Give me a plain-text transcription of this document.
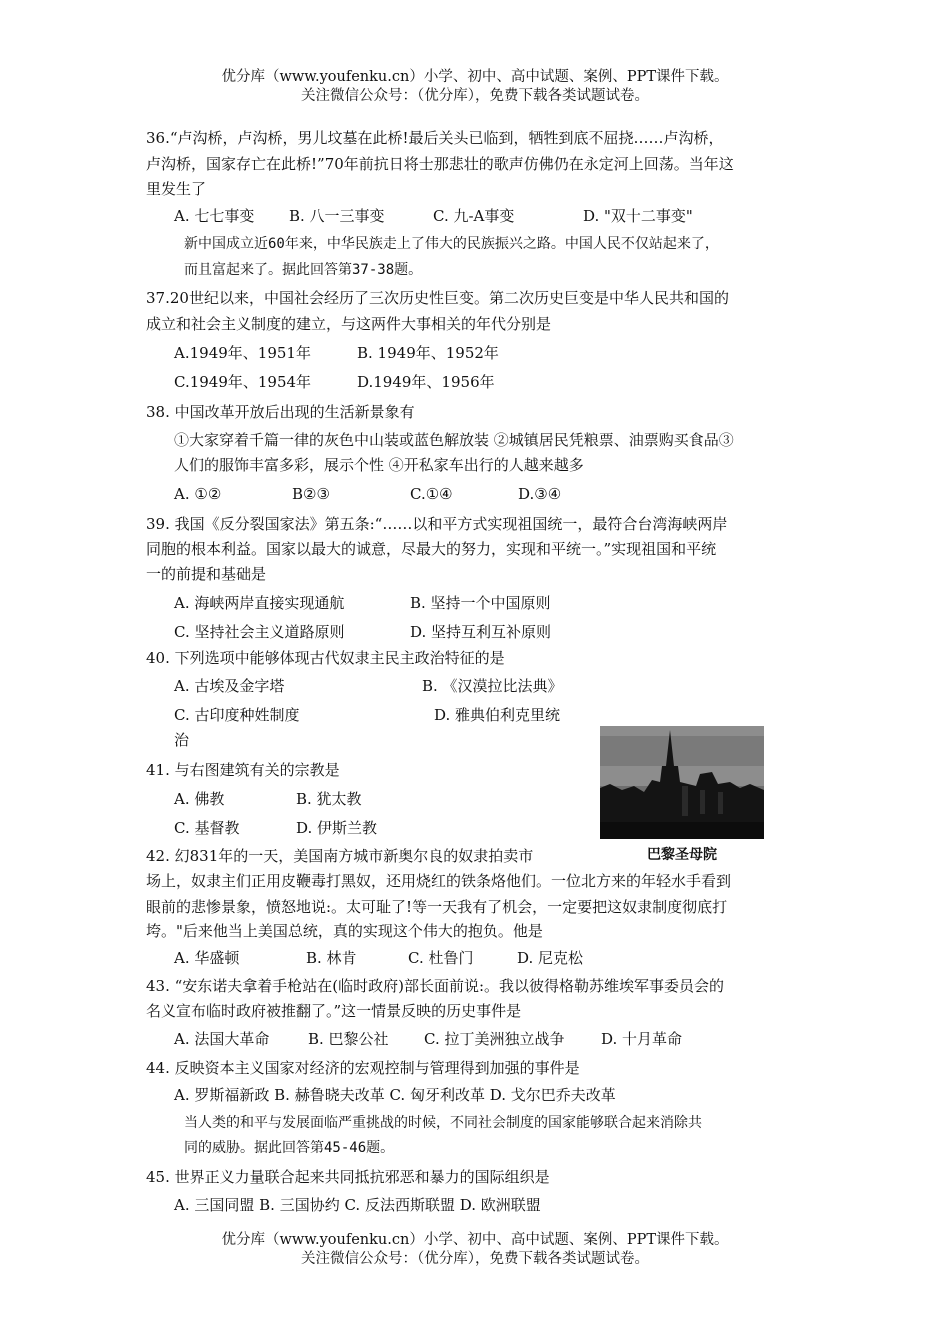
优分库（www.youfenku.cn）小学、初中、高中试题、案例、PPT课件下载。
关注微信公众号：（优分库），免费下载各类试题试卷。
36.“卢沟桥，卢沟桥，男儿坟墓在此桥!最后关头已临到，牺牲到底不屈挠……卢沟桥，
卢沟桥，国家存亡在此桥!”70年前抗日将士那悲壮的歌声仿佛仍在永定河上回荡。当年这
里发生了
A. 七七事变 B. 八一三事变	C. 九-A事变	D. "双十二事变"
新中国成立近60年来，中华民族走上了伟大的民族振兴之路。中国人民不仅站起来了，
而且富起来了。据此回答第37-38题。
37.20世纪以来，中国社会经历了三次历史性巨变。第二次历史巨变是中华人民共和国的
成立和社会主义制度的建立，与这两件大事相关的年代分别是
A.1949年、1951年	B. 1949年、1952年
C.1949年、1954年	D.1949年、1956年
38. 中国改革开放后出现的生活新景象有
①大家穿着千篇一律的灰色中山装或蓝色解放装 ②城镇居民凭粮票、油票购买食品③
人们的服饰丰富多彩，展示个性 ④开私家车出行的人越来越多
A. ①②	B②③	C.①④	D.③④
39. 我国《反分裂国家法》第五条:“……以和平方式实现祖国统一，最符合台湾海峡两岸
同胞的根本利益。国家以最大的诚意，尽最大的努力，实现和平统一。”实现祖国和平统
一的前提和基础是
A. 海峡两岸直接实现通航	B. 坚持一个中国原则
C. 坚持社会主义道路原则	D. 坚持互利互补原则
40. 下列选项中能够体现古代奴隶主民主政治特征的是
A. 古埃及金字塔	B. 《汉漠拉比法典》
C. 古印度种姓制度	D. 雅典伯利克里统
治
41. 与右图建筑有关的宗教是
A. 佛教	B. 犹太教
C. 基督教	D. 伊斯兰教
巴黎圣母院
42. 幻831年的一天，美国南方城市新奥尔良的奴隶拍卖市
场上，奴隶主们正用皮鞭毒打黑奴，还用烧红的铁条烙他们。一位北方来的年轻水手看到
眼前的悲惨景象，愤怒地说:。太可耻了!等一天我有了机会，一定要把这奴隶制度彻底打
垮。"后来他当上美国总统，真的实现这个伟大的抱负。他是
A. 华盛顿	B. 林肯	C. 杜鲁门	D. 尼克松
43. “安东诺夫拿着手枪站在(临时政府)部长面前说:。我以彼得格勒苏维埃军事委员会的
名义宣布临时政府被推翻了。”这一情景反映的历史事件是
A. 法国大革命	B. 巴黎公社 C. 拉丁美洲独立战争 D. 十月革命
44. 反映资本主义国家对经济的宏观控制与管理得到加强的事件是
A. 罗斯福新政 B. 赫鲁晓夫改革 C. 匈牙利改革 D. 戈尔巴乔夫改革
当人类的和平与发展面临严重挑战的时候，不同社会制度的国家能够联合起来消除共
同的威胁。据此回答第45-46题。
45. 世界正义力量联合起来共同抵抗邪恶和暴力的国际组织是
A. 三国同盟 B. 三国协约 C. 反法西斯联盟 D. 欧洲联盟
优分库（www.youfenku.cn）小学、初中、高中试题、案例、PPT课件下载。
关注微信公众号：（优分库），免费下载各类试题试卷。
